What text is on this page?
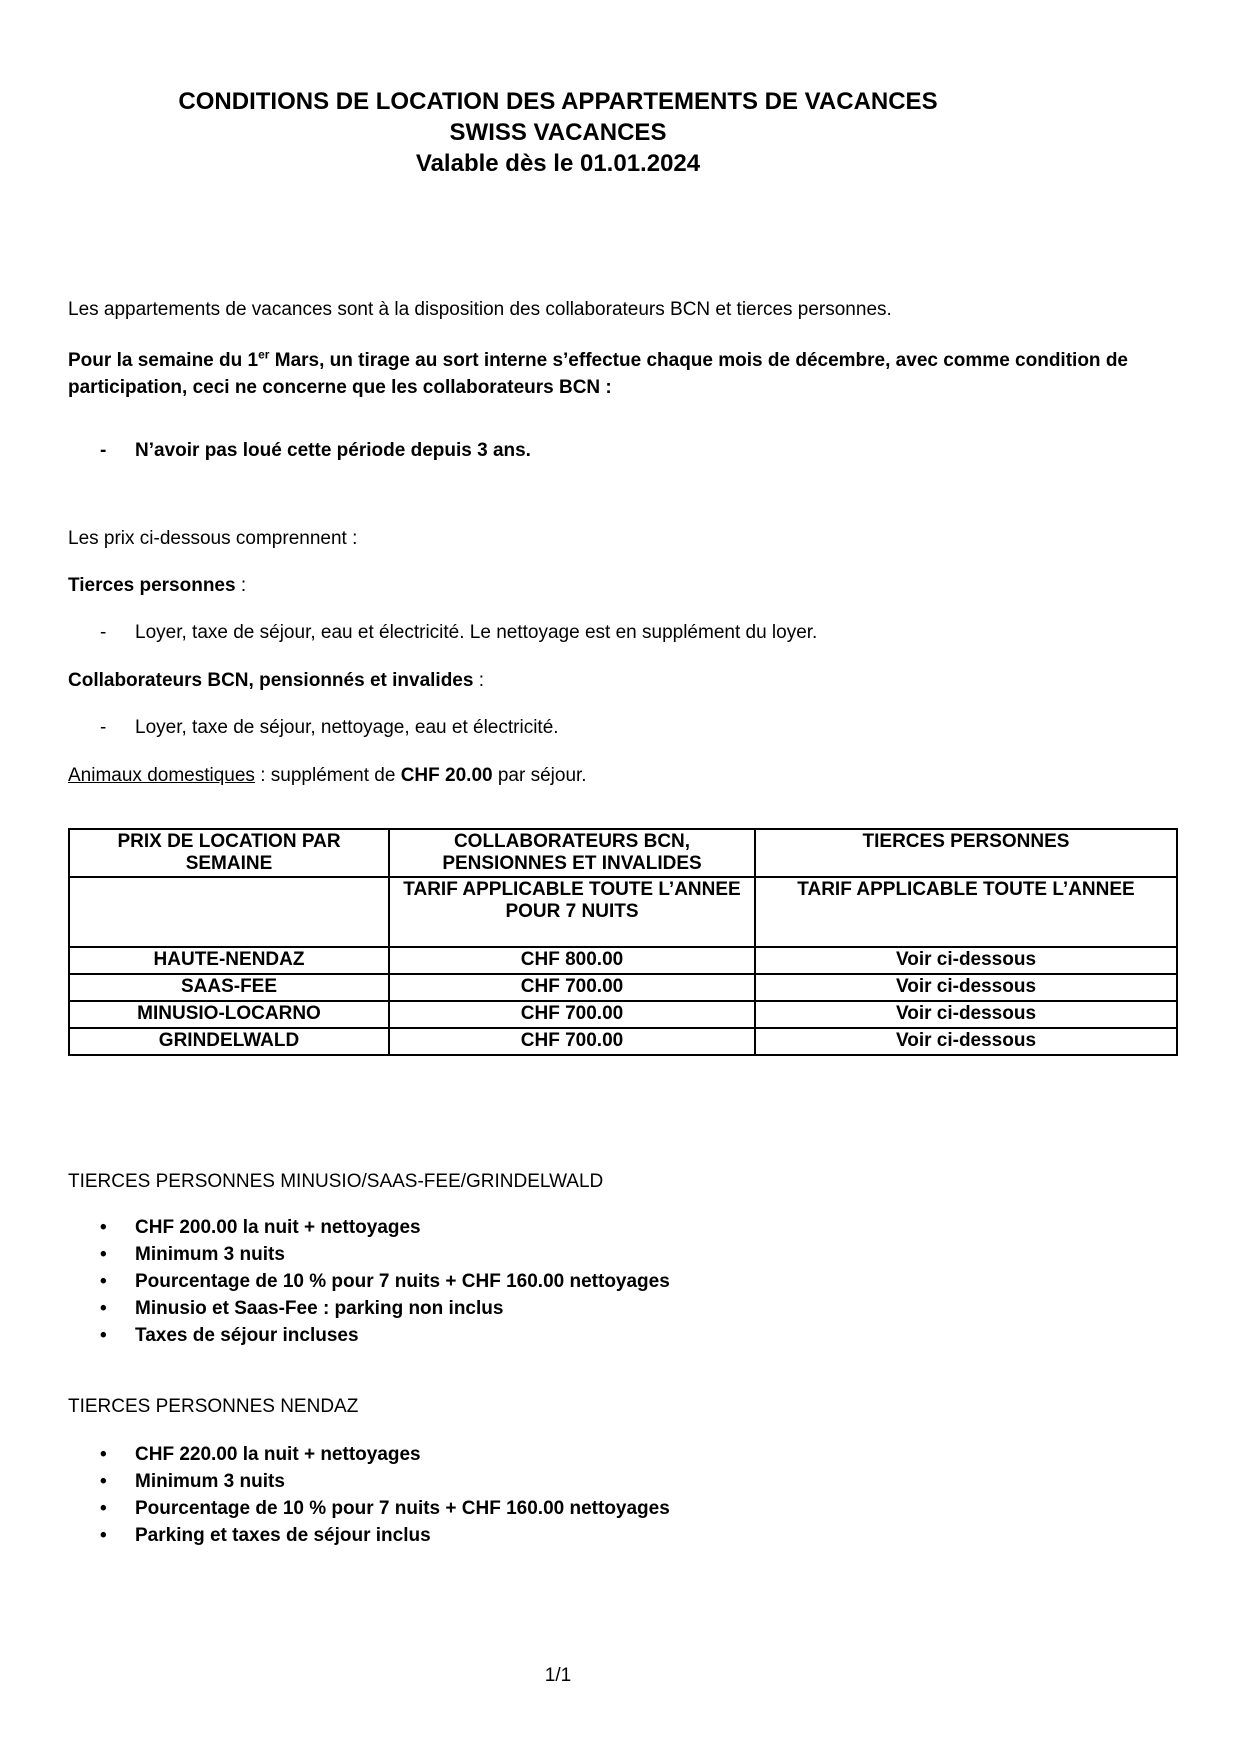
CONDITIONS DE LOCATION DES APPARTEMENTS DE VACANCES
SWISS VACANCES
Valable dès le 01.01.2024

Les appartements de vacances sont à la disposition des collaborateurs BCN et tierces personnes.

Pour la semaine du 1er Mars, un tirage au sort interne s’effectue chaque mois de décembre, avec comme condition de participation, ceci ne concerne que les collaborateurs BCN :

-	N’avoir pas loué cette période depuis 3 ans.

Les prix ci-dessous comprennent :

Tierces personnes :

-	Loyer, taxe de séjour, eau et électricité. Le nettoyage est en supplément du loyer.

Collaborateurs BCN, pensionnés et invalides :

-	Loyer, taxe de séjour, nettoyage, eau et électricité.

Animaux domestiques : supplément de CHF 20.00 par séjour.

PRIX DE LOCATION PAR SEMAINE	COLLABORATEURS BCN, PENSIONNES ET INVALIDES	TIERCES PERSONNES
	TARIF APPLICABLE TOUTE L’ANNEE POUR 7 NUITS	TARIF APPLICABLE TOUTE L’ANNEE
HAUTE-NENDAZ	CHF 800.00	Voir ci-dessous
SAAS-FEE	CHF 700.00	Voir ci-dessous
MINUSIO-LOCARNO	CHF 700.00	Voir ci-dessous
GRINDELWALD	CHF 700.00	Voir ci-dessous

TIERCES PERSONNES MINUSIO/SAAS-FEE/GRINDELWALD

•	CHF 200.00 la nuit + nettoyages
•	Minimum 3 nuits
•	Pourcentage de 10 % pour 7 nuits + CHF 160.00 nettoyages
•	Minusio et Saas-Fee : parking non inclus
•	Taxes de séjour incluses

TIERCES PERSONNES NENDAZ

•	CHF 220.00 la nuit + nettoyages
•	Minimum 3 nuits
•	Pourcentage de 10 % pour 7 nuits + CHF 160.00 nettoyages
•	Parking et taxes de séjour inclus
1/1
